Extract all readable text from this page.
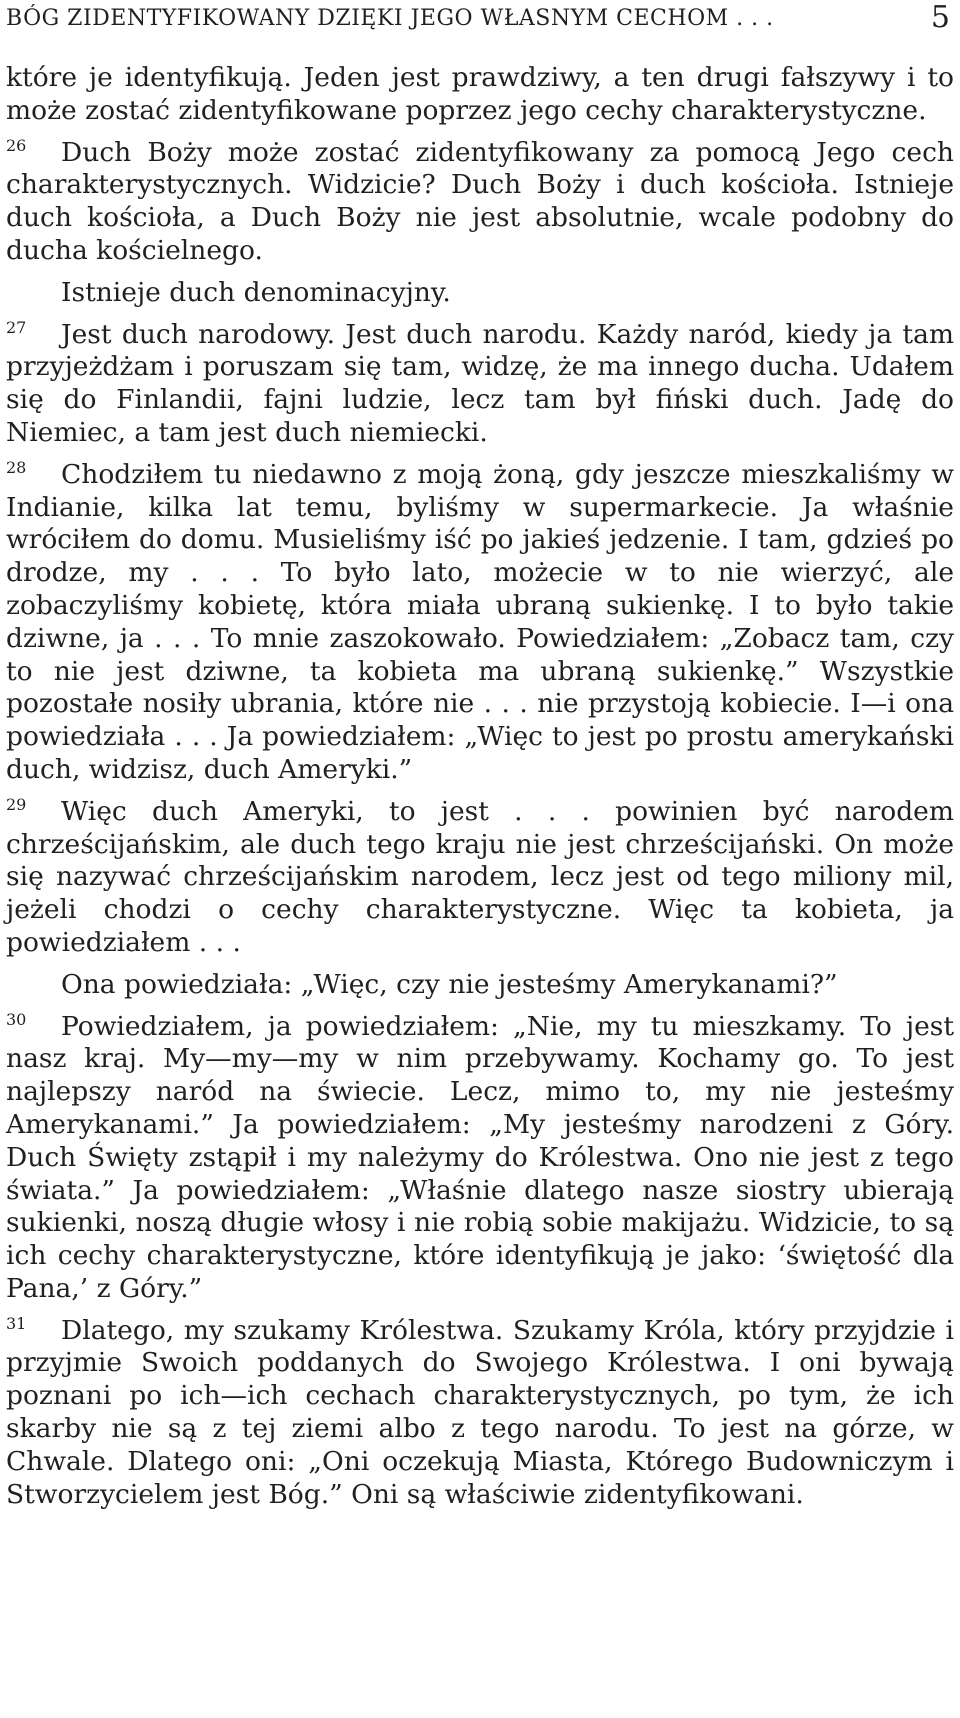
BÓG ZIDENTYFIKOWANY DZIĘKI JEGO WŁASNYM CECHOM . . .	5

które je identyfikują. Jeden jest prawdziwy, a ten drugi fałszywy i to może zostać zidentyfikowane poprzez jego cechy charakterystyczne.

26 Duch Boży może zostać zidentyfikowany za pomocą Jego cech charakterystycznych. Widzicie? Duch Boży i duch kościoła. Istnieje duch kościoła, a Duch Boży nie jest absolutnie, wcale podobny do ducha kościelnego.

Istnieje duch denominacyjny.

27 Jest duch narodowy. Jest duch narodu. Każdy naród, kiedy ja tam przyjeżdżam i poruszam się tam, widzę, że ma innego ducha. Udałem się do Finlandii, fajni ludzie, lecz tam był fiński duch. Jadę do Niemiec, a tam jest duch niemiecki.

28 Chodziłem tu niedawno z moją żoną, gdy jeszcze mieszkaliśmy w Indianie, kilka lat temu, byliśmy w supermarkecie. Ja właśnie wróciłem do domu. Musieliśmy iść po jakieś jedzenie. I tam, gdzieś po drodze, my . . . To było lato, możecie w to nie wierzyć, ale zobaczyliśmy kobietę, która miała ubraną sukienkę. I to było takie dziwne, ja . . . To mnie zaszokowało. Powiedziałem: „Zobacz tam, czy to nie jest dziwne, ta kobieta ma ubraną sukienkę.” Wszystkie pozostałe nosiły ubrania, które nie . . . nie przystoją kobiecie. I—i ona powiedziała . . . Ja powiedziałem: „Więc to jest po prostu amerykański duch, widzisz, duch Ameryki.”

29 Więc duch Ameryki, to jest . . . powinien być narodem chrześcijańskim, ale duch tego kraju nie jest chrześcijański. On może się nazywać chrześcijańskim narodem, lecz jest od tego miliony mil, jeżeli chodzi o cechy charakterystyczne. Więc ta kobieta, ja powiedziałem . . .

Ona powiedziała: „Więc, czy nie jesteśmy Amerykanami?”

30 Powiedziałem, ja powiedziałem: „Nie, my tu mieszkamy. To jest nasz kraj. My—my—my w nim przebywamy. Kochamy go. To jest najlepszy naród na świecie. Lecz, mimo to, my nie jesteśmy Amerykanami.” Ja powiedziałem: „My jesteśmy narodzeni z Góry. Duch Święty zstąpił i my należymy do Królestwa. Ono nie jest z tego świata.” Ja powiedziałem: „Właśnie dlatego nasze siostry ubierają sukienki, noszą długie włosy i nie robią sobie makijażu. Widzicie, to są ich cechy charakterystyczne, które identyfikują je jako: ‘świętość dla Pana,’ z Góry.”

31 Dlatego, my szukamy Królestwa. Szukamy Króla, który przyjdzie i przyjmie Swoich poddanych do Swojego Królestwa. I oni bywają poznani po ich—ich cechach charakterystycznych, po tym, że ich skarby nie są z tej ziemi albo z tego narodu. To jest na górze, w Chwale. Dlatego oni: „Oni oczekują Miasta, Którego Budowniczym i Stworzycielem jest Bóg.” Oni są właściwie zidentyfikowani.
